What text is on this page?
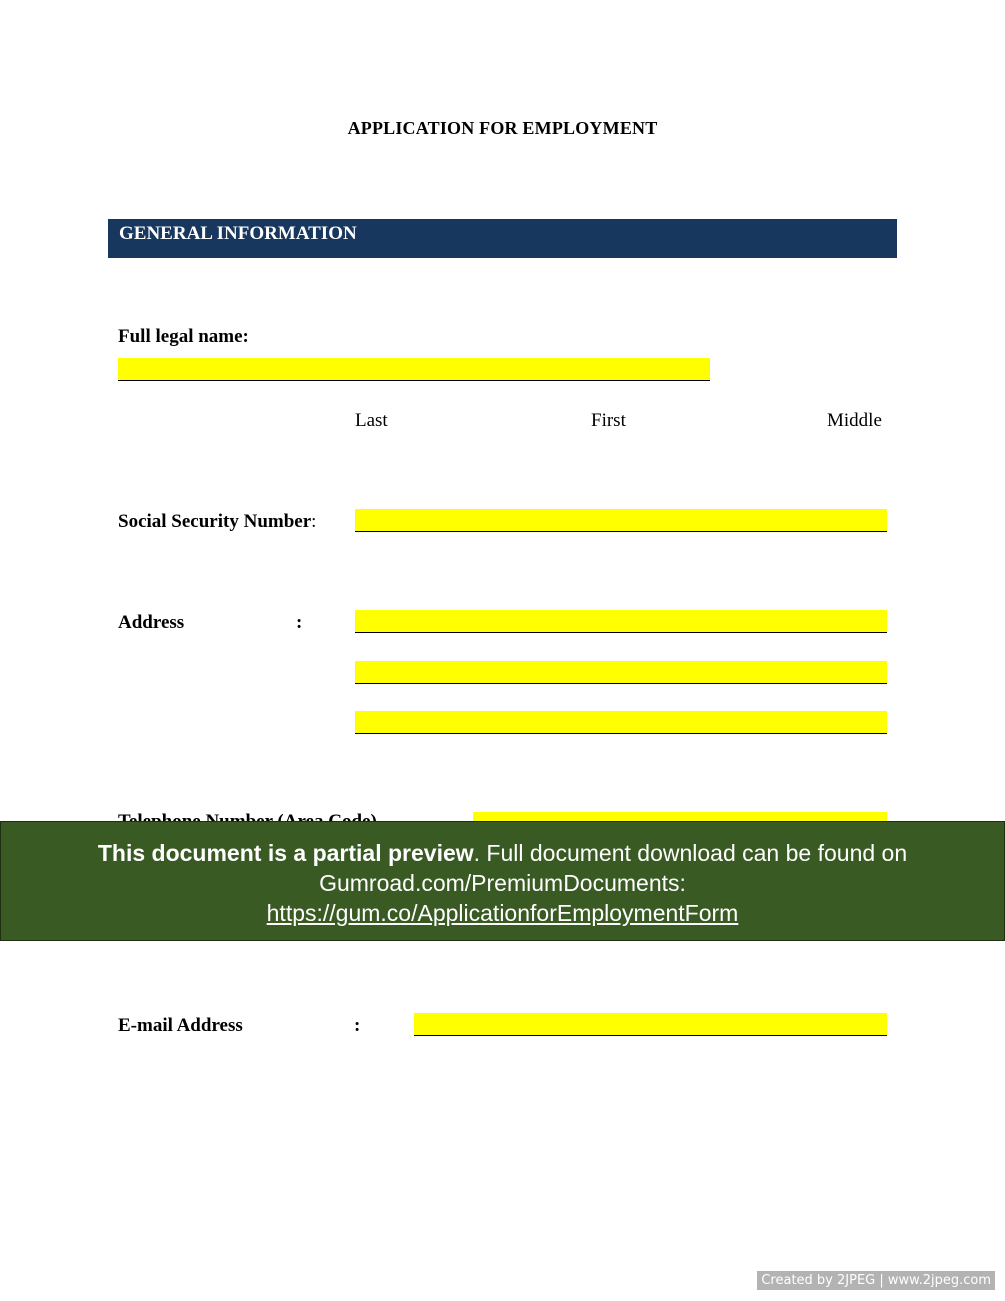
APPLICATION FOR EMPLOYMENT
GENERAL INFORMATION
Full legal name:
Last	First	Middle
Social Security Number:
Address	:
This document is a partial preview. Full document download can be found on Gumroad.com/PremiumDocuments:
https://gum.co/ApplicationforEmploymentForm
E-mail Address	:
Created by 2JPEG | www.2jpeg.com
